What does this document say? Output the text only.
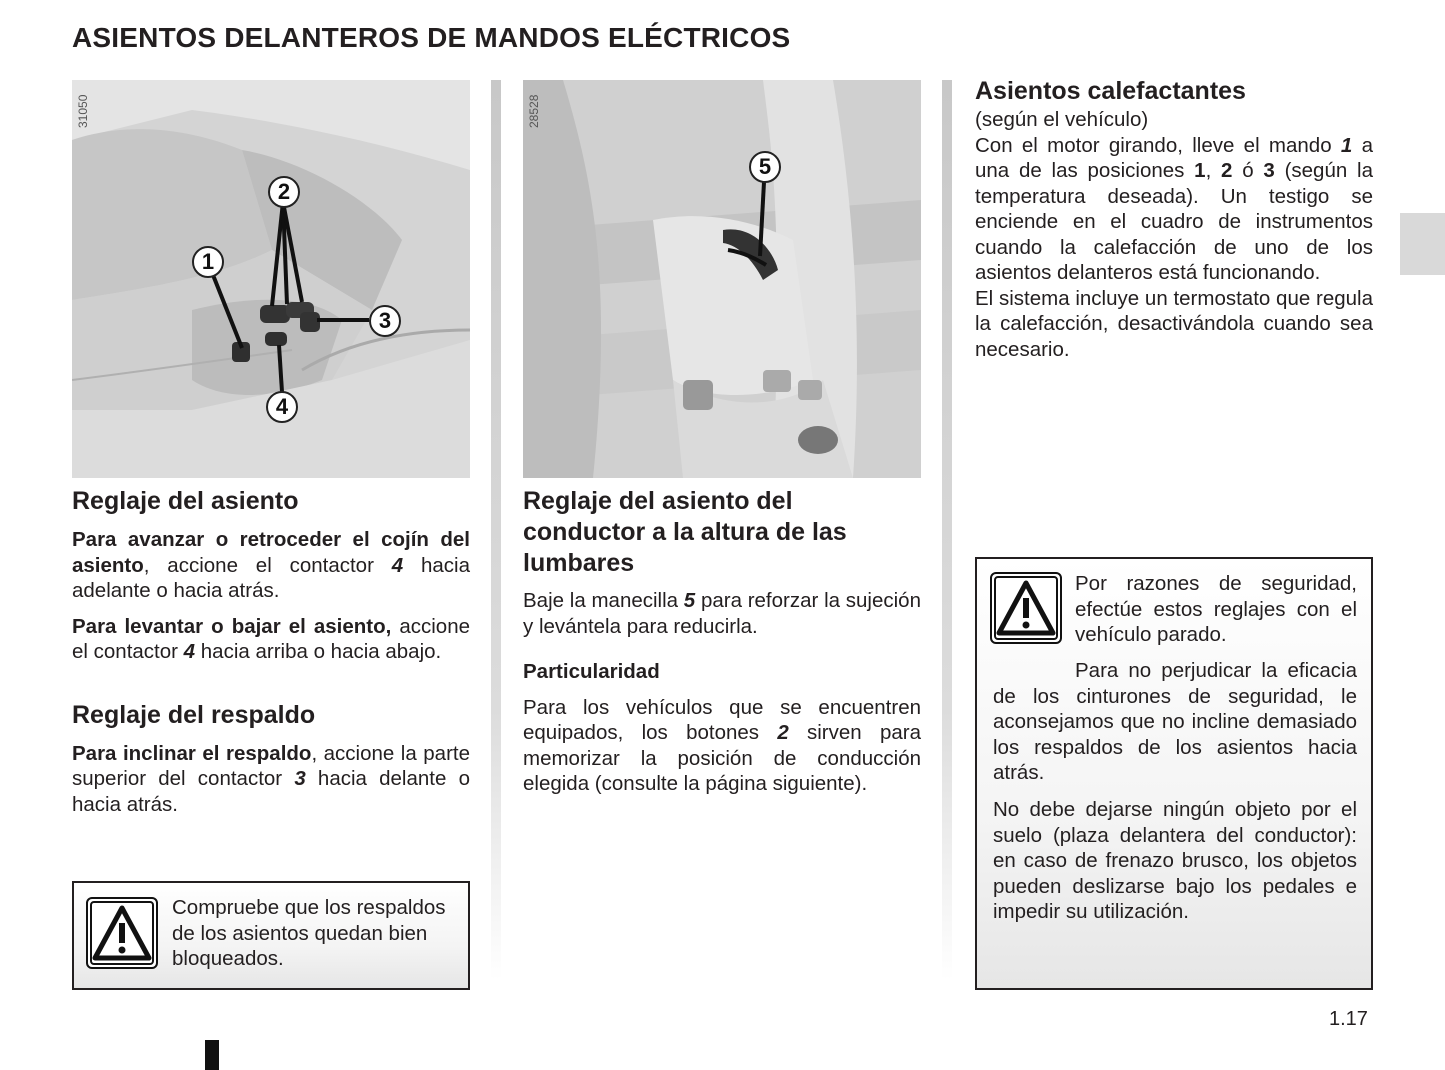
ASIENTOS DELANTEROS DE MANDOS ELÉCTRICOS
31050
1
2
3
4
Reglaje del asiento

Para avanzar o retroceder el cojín del asiento, accione el contactor 4 hacia adelante o hacia atrás.

Para levantar o bajar el asiento, accione el contactor 4 hacia arriba o hacia abajo.

Reglaje del respaldo

Para inclinar el respaldo, accione la parte superior del contactor 3 hacia delante o hacia atrás.

Compruebe que los respaldos de los asientos quedan bien bloqueados.

28528
5
Reglaje del asiento del conductor a la altura de las lumbares

Baje la manecilla 5 para reforzar la sujeción y levántela para reducirla.

Particularidad

Para los vehículos que se encuentren equipados, los botones 2 sirven para memorizar la posición de conducción elegida (consulte la página siguiente).

Asientos calefactantes

(según el vehículo)

Con el motor girando, lleve el mando 1 a una de las posiciones 1, 2 ó 3 (según la temperatura deseada). Un testigo se enciende en el cuadro de instrumentos cuando la calefacción de uno de los asientos delanteros está funcionando.

El sistema incluye un termostato que regula la calefacción, desactivándola cuando sea necesario.

Por razones de seguridad, efectúe estos reglajes con el vehículo parado.

Para no perjudicar la eficacia de los cinturones de seguridad, le aconsejamos que no incline demasiado los respaldos de los asientos hacia atrás.

No debe dejarse ningún objeto por el suelo (plaza delantera del conductor): en caso de frenazo brusco, los objetos pueden deslizarse bajo los pedales e impedir su utilización.

1.17
